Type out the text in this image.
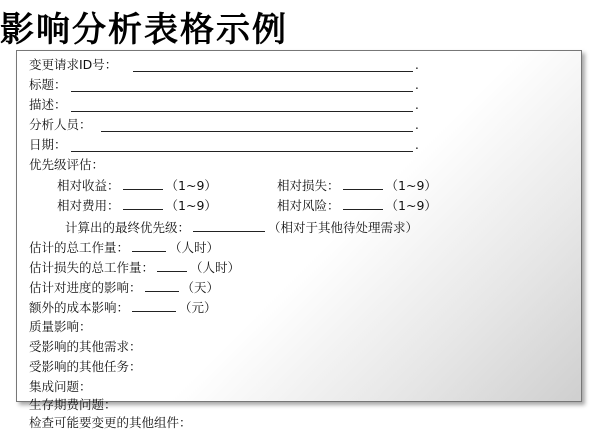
影响分析表格示例
变更请求ID号：	.
标题：	.
描述：	.
分析人员：	.
日期：	.
优先级评估：
相对收益：	（1~9）	相对损失：	（1~9）
相对费用：	（1~9）	相对风险：	（1~9）
计算出的最终优先级：	（相对于其他待处理需求）
估计的总工作量：	（人时）
估计损失的总工作量：	（人时）
估计对进度的影响：	（天）
额外的成本影响：	（元）
质量影响：
受影响的其他需求：
受影响的其他任务：
集成问题：
生存期费问题：
检查可能要变更的其他组件：
